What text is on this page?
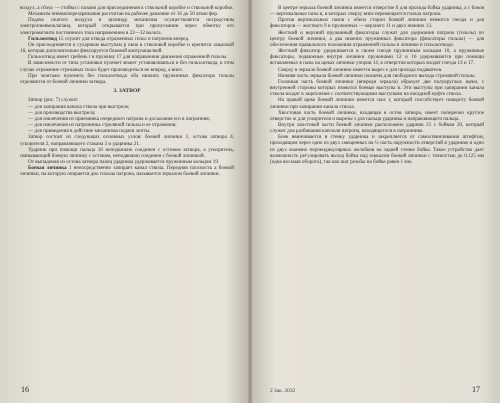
воздух, а сбоку — стойки с пазами для присоединения к ствольной коробке и ствольной коробке.

Механизм пневмоперезаряжания рассчитан на рабочее давление от 16 до 50 атмосфер.

Подача сжатого воздуха в цилиндр механизма осуществляется посредством электропневмоклапана, который открывается при пропускании через обмотку его электромагнита постоянного тока напряжением в 22—32 вольта.

Гильзоотвод15 служит для отвода отраженных гильз и патронов вперед.

Он присоединяется к сухарным выступам p окна в стволовой коробке и крепится защелкой 16, которая дополнительно фиксируется боковой контрзащелкой.

Гильзоотвод имеет гребень r и пружину 17 для направления движения отраженной гильзы.

В зависимости от типа установки пулемет может устанавливаться и без гильзоотвода, в этом случае отражение стреляных гильз будет производиться не вперед, а вниз.

При монтаже пулемета без гильзоотвода оба нижних пружинных фиксатора гильзы отделяются от боевой личинки затвора.

3. ЗАТВОР

Затвор (рис. 7) служит:

— для запирания канала ствола при выстреле;

— для производства выстрела;

— для извлечения из приемника очередного патрона и досылания его в патронник;

— для извлечения из патронника стреляной гильзы и ее отражения;

— для приведения в действие механизма подачи ленты.

Затвор состоит из следующих основных узлов: боевой личинки 1, остова затвора 4, ускорителя 2, направляющего стакана 3 и ударника 21.

Ударник при помощи пальца 18 неподвижно соединен с остовом затвора, а ускоритель, связывающий боевую личинку с остовом, неподвижно соединен с боевой личинкой.

От выпадения из остова затвора палец ударника удерживается пружинным кольцом 19.

Боевая личинка 1 непосредственно запирает канал ствола. Передняя плоскость a боевой личинки, на которую опирается дно гильзы патрона, называется зеркалом боевой личинки.

16

В центре зеркала боевой личинки имеется отверстие б для прохода бойка ударника, а с боков — вертикальные пазы в, в которых сверху вниз перемещается гильза патрона.

Против вертикальных пазов с обеих сторон боевой личинки имеются гнезда и для фиксаторов — жесткого 9 и пружинных — верхнего 11 и двух нижних 13.

Жесткий и верхний пружинный фиксаторы служат для удержания патрона (гильзы) по центру боевой личинки, а два нижних пружинных фиксатора (фиксаторы гильзы) — для обеспечения правильного положения отраженной гильзы в личинке и гильзоотводе.

Жесткий фиксатор удерживается в своем гнезде пружинным кольцом 10, а пружинные фиксаторы, подвижные внутри личинки пружинами 12 и 16 удерживаются при помощи вставляемых в пазы на щеках личинки упоров 14, в отверстия которых входят гнезда 13 и 17.

Сверху в зеркале боевой личинки имеется вырез е для прохода подавателя.

Нижняя часть зеркала боевой личинки скошена для свободного выхода стреляной гильзы.

Головная часть боевой личинки (впереди зеркала) образует две полукруглых щеки, с внутренней стороны которых имеются боевые выступы в. Эти выступы при запирании канала ствола входят в зацепление с соответствующими выступами на насадной муфте ствола.

На правой щеке боевой личинки имеется скос г, который способствует повороту боевой личинки при запирании канала ствола.

Хвостовая часть боевой личинки, входящая в остов затвора, имеет поперечно круглое отверстие ж для ускорителя и вырезы з для пальца ударника и направляющего пальца.

Внутри хвостовой части боевой личинки расположено ударник 21 с бойком 20, который служит для разбивания капсюля патрона, находящегося в патроннике.

Боек ввинчивается в стенку ударника и закрепляется от самоотвинчивания штифтом, проходящим через одно из двух смещенных на ¼ часть окружности отверстий в ударнике и одно из двух взаимно перпендикулярных желобков на задней стенке бойка. Такое устройство дает возможность регулировать выход бойка над зеркалом боевой личинки с точностью до 0,125 мм (одна восьмая оборота), так как шаг резьбы на бойке равен 1 мм.

2 Зак. 2032	17
